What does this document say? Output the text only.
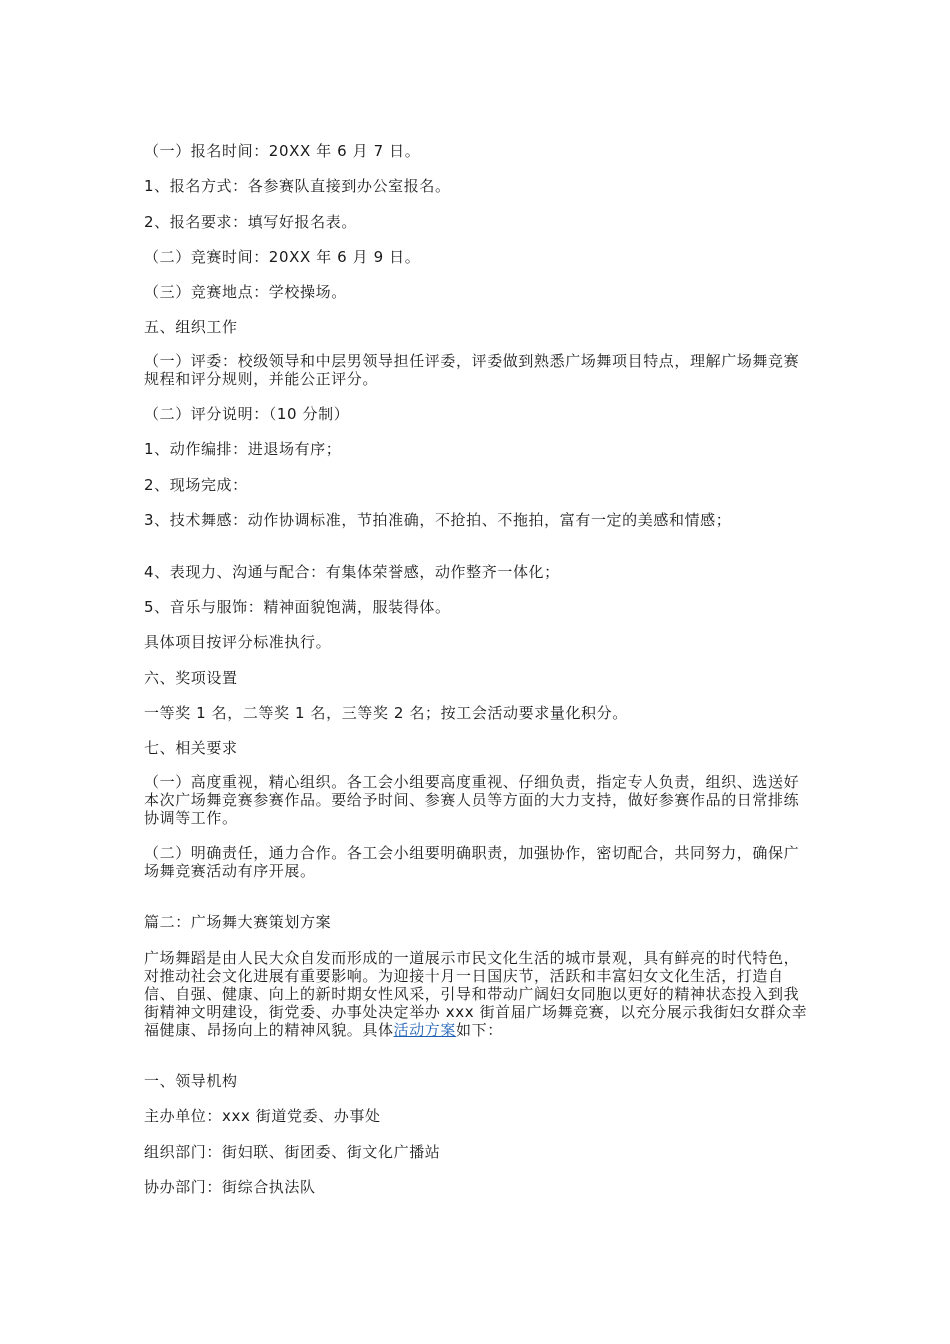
（一）报名时间：20XX 年 6 月 7 日。
1、报名方式：各参赛队直接到办公室报名。
2、报名要求：填写好报名表。
（二）竞赛时间：20XX 年 6 月 9 日。
（三）竞赛地点：学校操场。
五、组织工作
（一）评委：校级领导和中层男领导担任评委，评委做到熟悉广场舞项目特点，理解广场舞竞赛规程和评分规则，并能公正评分。
（二）评分说明：（10 分制）
1、动作编排：进退场有序；
2、现场完成：
3、技术舞感：动作协调标准，节拍准确，不抢拍、不拖拍，富有一定的美感和情感；
4、表现力、沟通与配合：有集体荣誉感，动作整齐一体化；
5、音乐与服饰：精神面貌饱满，服装得体。
具体项目按评分标准执行。
六、奖项设置
一等奖 1 名，二等奖 1 名，三等奖 2 名；按工会活动要求量化积分。
七、相关要求
（一）高度重视，精心组织。各工会小组要高度重视、仔细负责，指定专人负责，组织、选送好本次广场舞竞赛参赛作品。要给予时间、参赛人员等方面的大力支持，做好参赛作品的日常排练协调等工作。
（二）明确责任，通力合作。各工会小组要明确职责，加强协作，密切配合，共同努力，确保广场舞竞赛活动有序开展。
篇二：广场舞大赛策划方案
广场舞蹈是由人民大众自发而形成的一道展示市民文化生活的城市景观，具有鲜亮的时代特色，对推动社会文化进展有重要影响。为迎接十月一日国庆节，活跃和丰富妇女文化生活，打造自信、自强、健康、向上的新时期女性风采，引导和带动广阔妇女同胞以更好的精神状态投入到我街精神文明建设，街党委、办事处决定举办 xxx 街首届广场舞竞赛，以充分展示我街妇女群众幸福健康、昂扬向上的精神风貌。具体活动方案如下：
一、领导机构
主办单位：xxx 街道党委、办事处
组织部门：街妇联、街团委、街文化广播站
协办部门：街综合执法队
